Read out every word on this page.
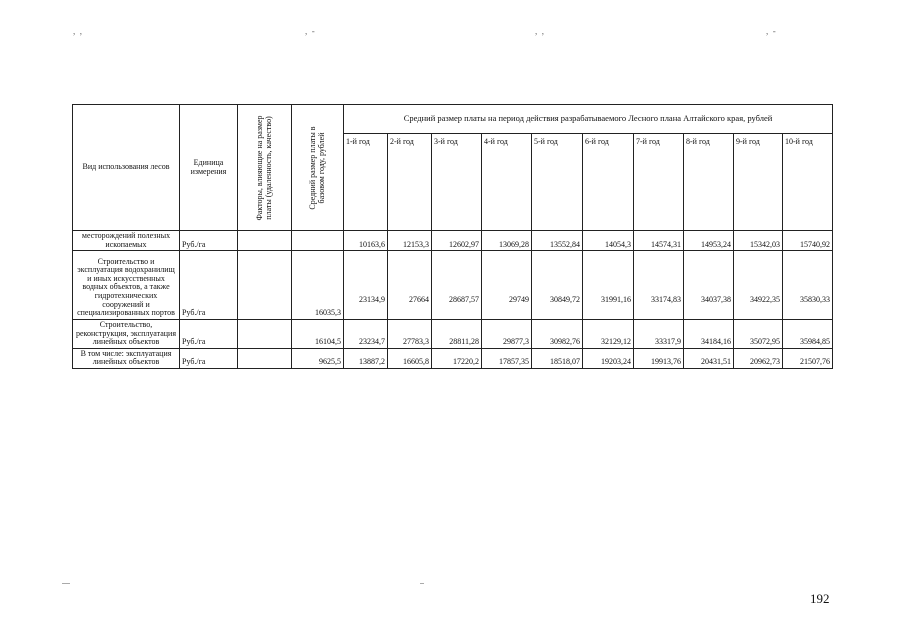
,  ,	,  -	,  ,	,  -
Вид использования лесов	Единица измерения	Факторы, влияющие на размер платы (удаленность, качество)	Средний размер платы в базовом году, рублей	Средний размер платы на период действия разрабатываемого Лесного плана Алтайского края, рублей									
				1-й год	2-й год	3-й год	4-й год	5-й год	6-й год	7-й год	8-й год	9-й год	10-й год
месторождений полезных ископаемых	Руб./га			10163,6	12153,3	12602,97	13069,28	13552,84	14054,3	14574,31	14953,24	15342,03	15740,92
Строительство и эксплуатация водохранилищ и иных искусственных водных объектов, а также гидротехнических сооружений и специализированных портов	Руб./га		16035,3	23134,9	27664	28687,57	29749	30849,72	31991,16	33174,83	34037,38	34922,35	35830,33
Строительство, реконструкция, эксплуатация линейных объектов	Руб./га		16104,5	23234,7	27783,3	28811,28	29877,3	30982,76	32129,12	33317,9	34184,16	35072,95	35984,85
В том числе: эксплуатация линейных объектов	Руб./га		9625,5	13887,2	16605,8	17220,2	17857,35	18518,07	19203,24	19913,76	20431,51	20962,73	21507,76
192
